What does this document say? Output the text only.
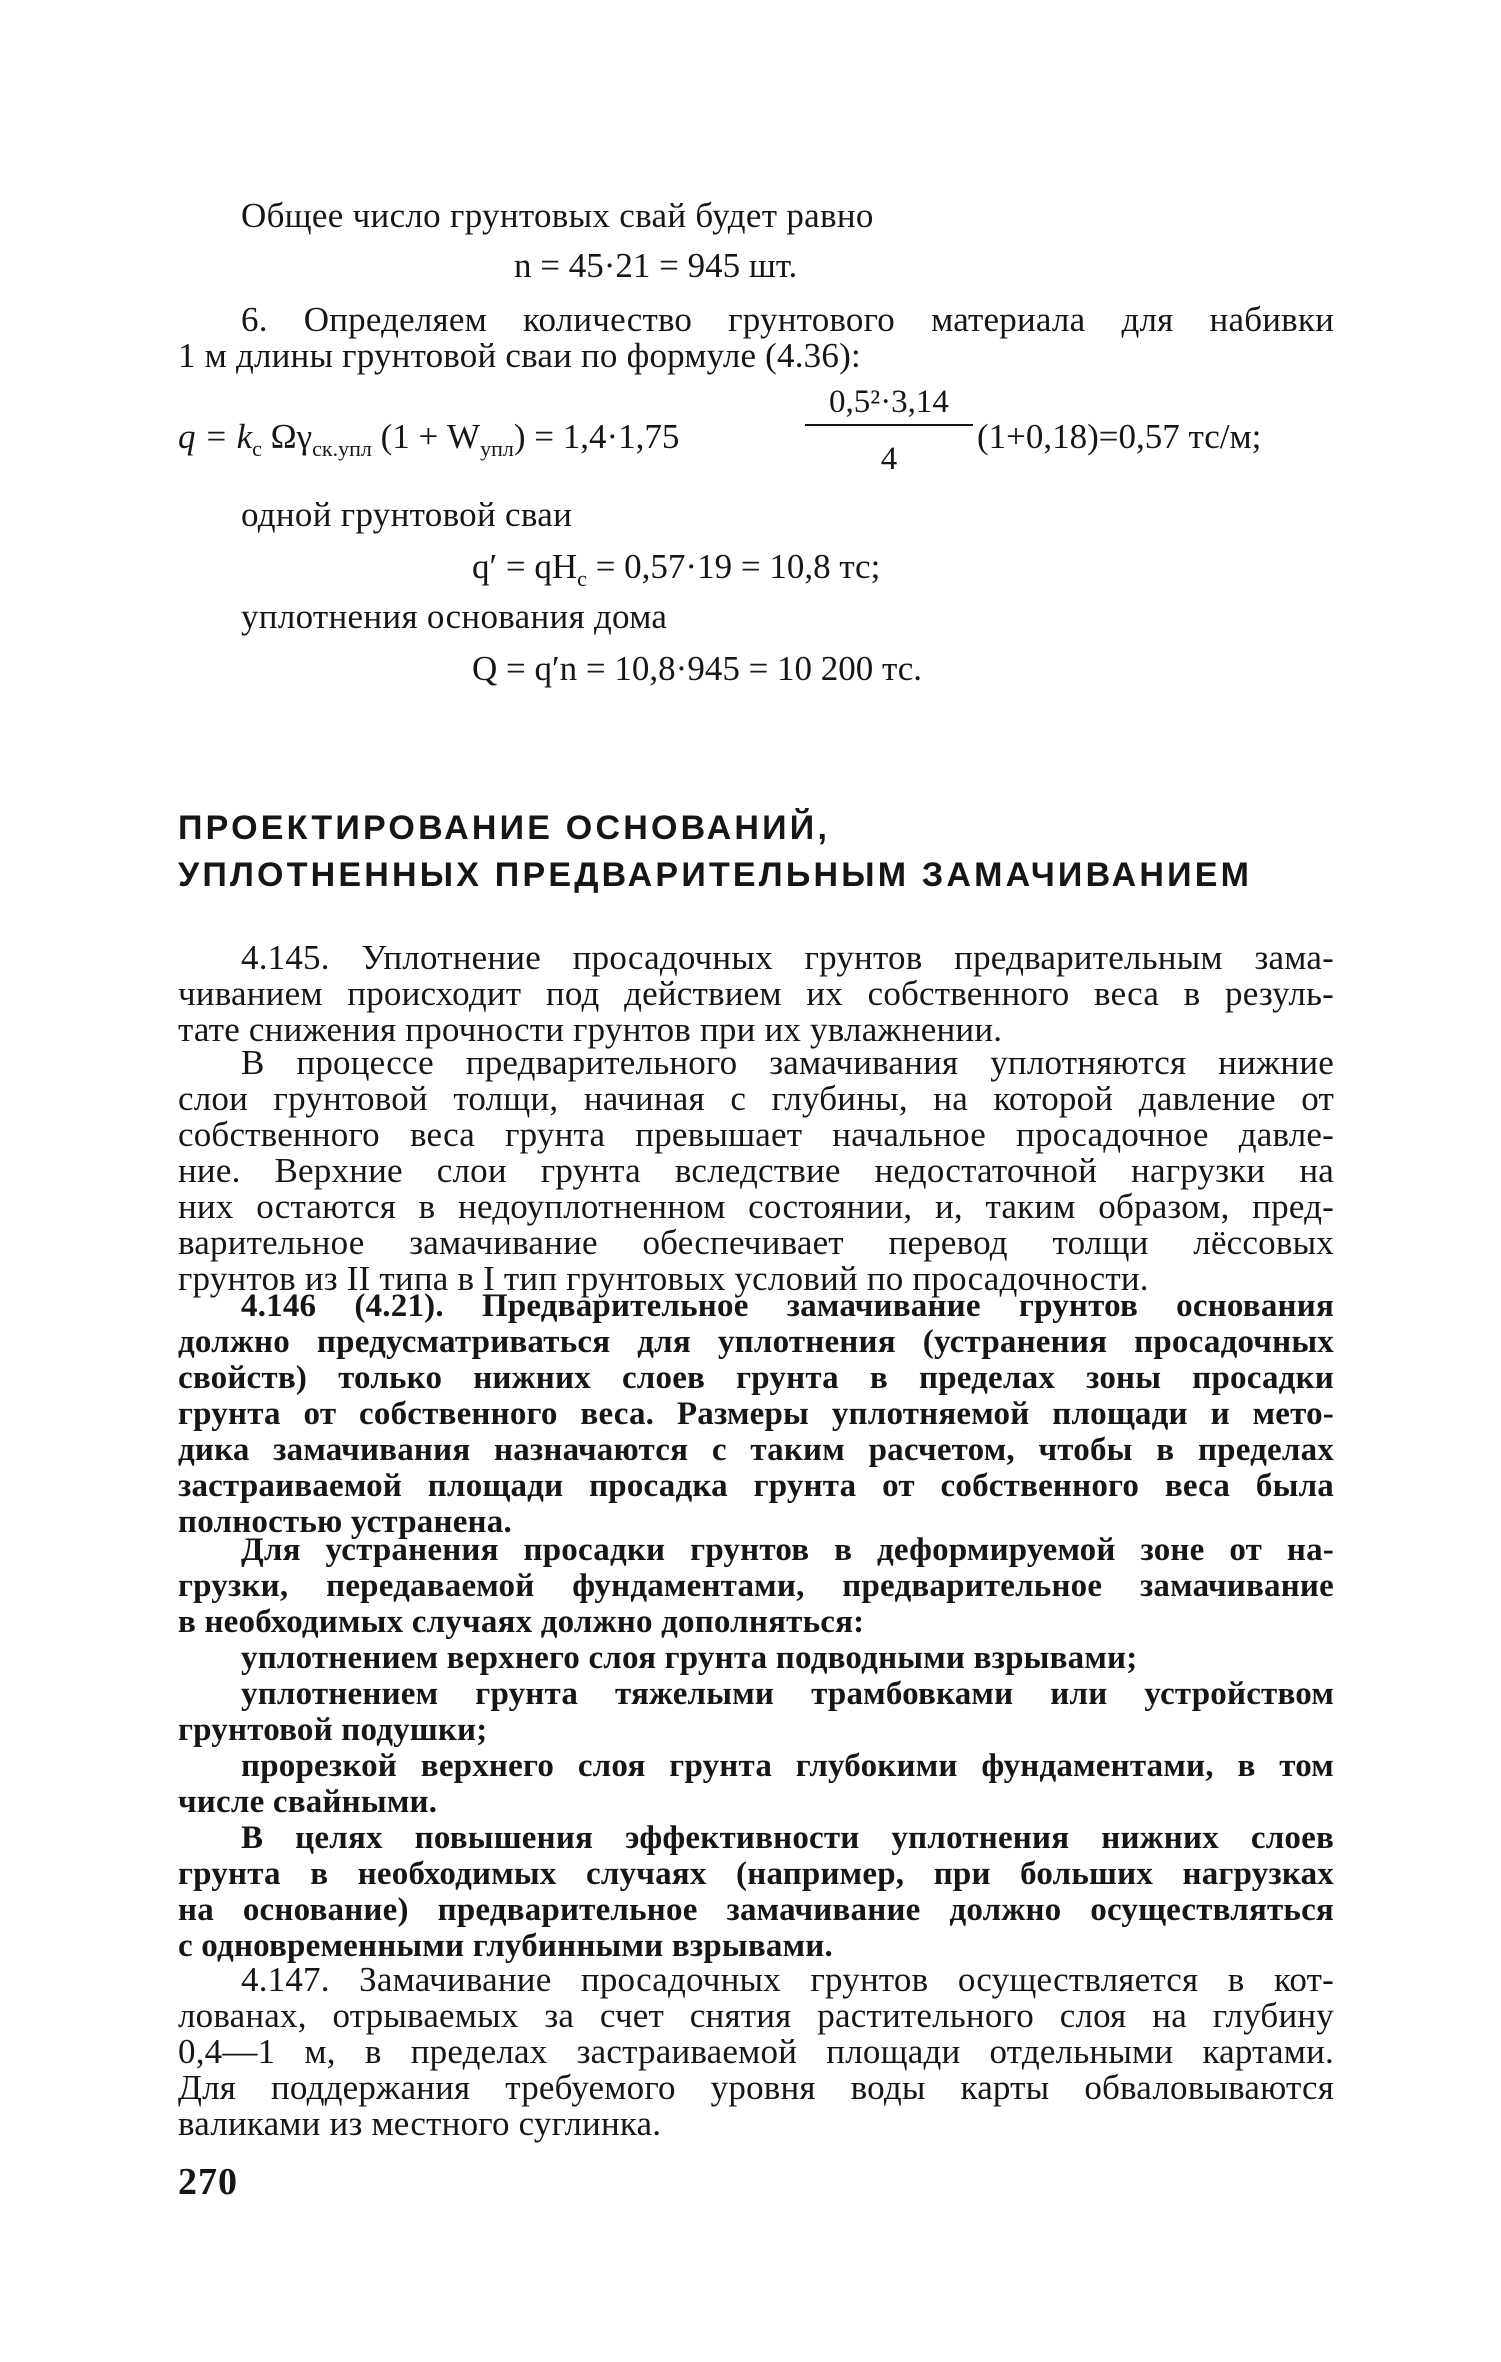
Общее число грунтовых свай будет равно
n = 45·21 = 945 шт.
6. Определяем количество грунтового материала для набивки
1 м длины грунтовой сваи по формуле (4.36):
$q = k_c$ $\Omega\gamma_{ск.упл}$ $(1 + W_{упл}) = 1,4\cdot 1,75$
0,5²·3,14
4
(1+0,18)=0,57 тс/м;
одной грунтовой сваи
$q' = qH_c = 0,57\cdot 19 = 10,8$ тс;
уплотнения основания дома
Q = q′n = 10,8·945 = 10 200 тс.
ПРОЕКТИРОВАНИЕ ОСНОВАНИЙ,
УПЛОТНЕННЫХ ПРЕДВАРИТЕЛЬНЫМ ЗАМАЧИВАНИЕМ
4.145. Уплотнение просадочных грунтов предварительным зама-
чиванием происходит под действием их собственного веса в резуль-
тате снижения прочности грунтов при их увлажнении.
В процессе предварительного замачивания уплотняются нижние
слои грунтовой толщи, начиная с глубины, на которой давление от
собственного веса грунта превышает начальное просадочное давле-
ние. Верхние слои грунта вследствие недостаточной нагрузки на
них остаются в недоуплотненном состоянии, и, таким образом, пред-
варительное замачивание обеспечивает перевод толщи лёссовых
грунтов из II типа в I тип грунтовых условий по просадочности.
4.146 (4.21). Предварительное замачивание грунтов основания
должно предусматриваться для уплотнения (устранения просадочных
свойств) только нижних слоев грунта в пределах зоны просадки
грунта от собственного веса. Размеры уплотняемой площади и мето-
дика замачивания назначаются с таким расчетом, чтобы в пределах
застраиваемой площади просадка грунта от собственного веса была
полностью устранена.
Для устранения просадки грунтов в деформируемой зоне от на-
грузки, передаваемой фундаментами, предварительное замачивание
в необходимых случаях должно дополняться:
уплотнением верхнего слоя грунта подводными взрывами;
уплотнением грунта тяжелыми трамбовками или устройством
грунтовой подушки;
прорезкой верхнего слоя грунта глубокими фундаментами, в том
числе свайными.
В целях повышения эффективности уплотнения нижних слоев
грунта в необходимых случаях (например, при больших нагрузках
на основание) предварительное замачивание должно осуществляться
с одновременными глубинными взрывами.
4.147. Замачивание просадочных грунтов осуществляется в кот-
лованах, отрываемых за счет снятия растительного слоя на глубину
0,4—1 м, в пределах застраиваемой площади отдельными картами.
Для поддержания требуемого уровня воды карты обваловываются
валиками из местного суглинка.
270
